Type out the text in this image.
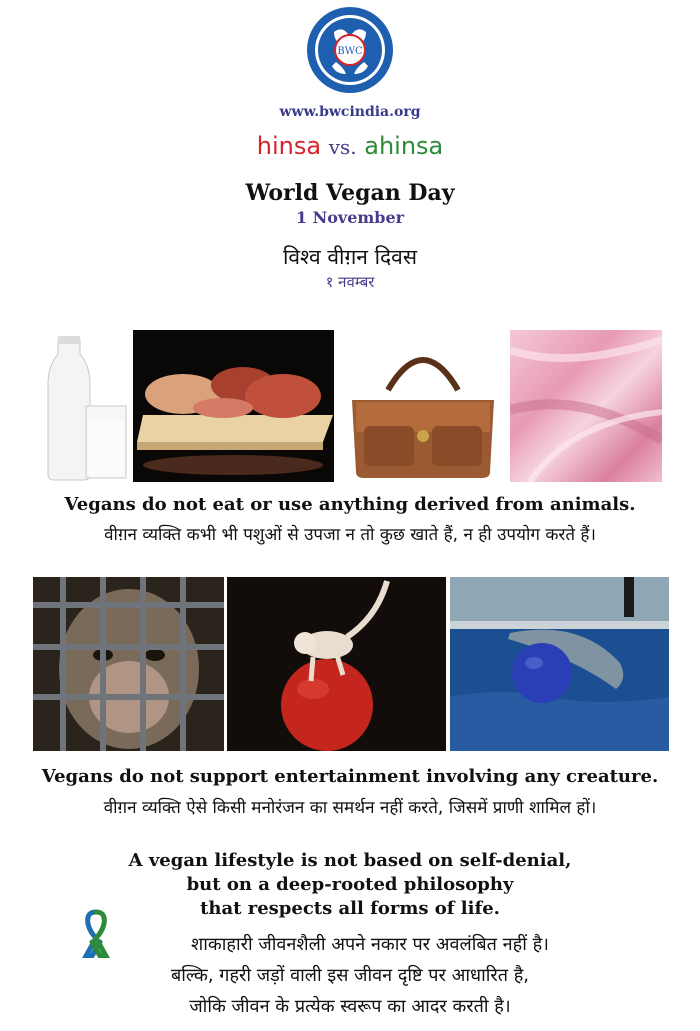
BWC
www.bwcindia.org
hinsa vs. ahinsa
World Vegan Day
1 November
विश्व वीग़न दिवस
१ नवम्बर
Vegans do not eat or use anything derived from animals.
वीग़न व्यक्ति कभी भी पशुओं से उपजा न तो कुछ खाते हैं, न ही उपयोग करते हैं।
Vegans do not support entertainment involving any creature.
वीग़न व्यक्ति ऐसे किसी मनोरंजन का समर्थन नहीं करते, जिसमें प्राणी शामिल हों।
A vegan lifestyle is not based on self-denial,
but on a deep-rooted philosophy
that respects all forms of life.
शाकाहारी जीवनशैली अपने नकार पर अवलंबित नहीं है।
बल्कि, गहरी जड़ों वाली इस जीवन दृष्टि पर आधारित है,
जोकि जीवन के प्रत्येक स्वरूप का आदर करती है।
